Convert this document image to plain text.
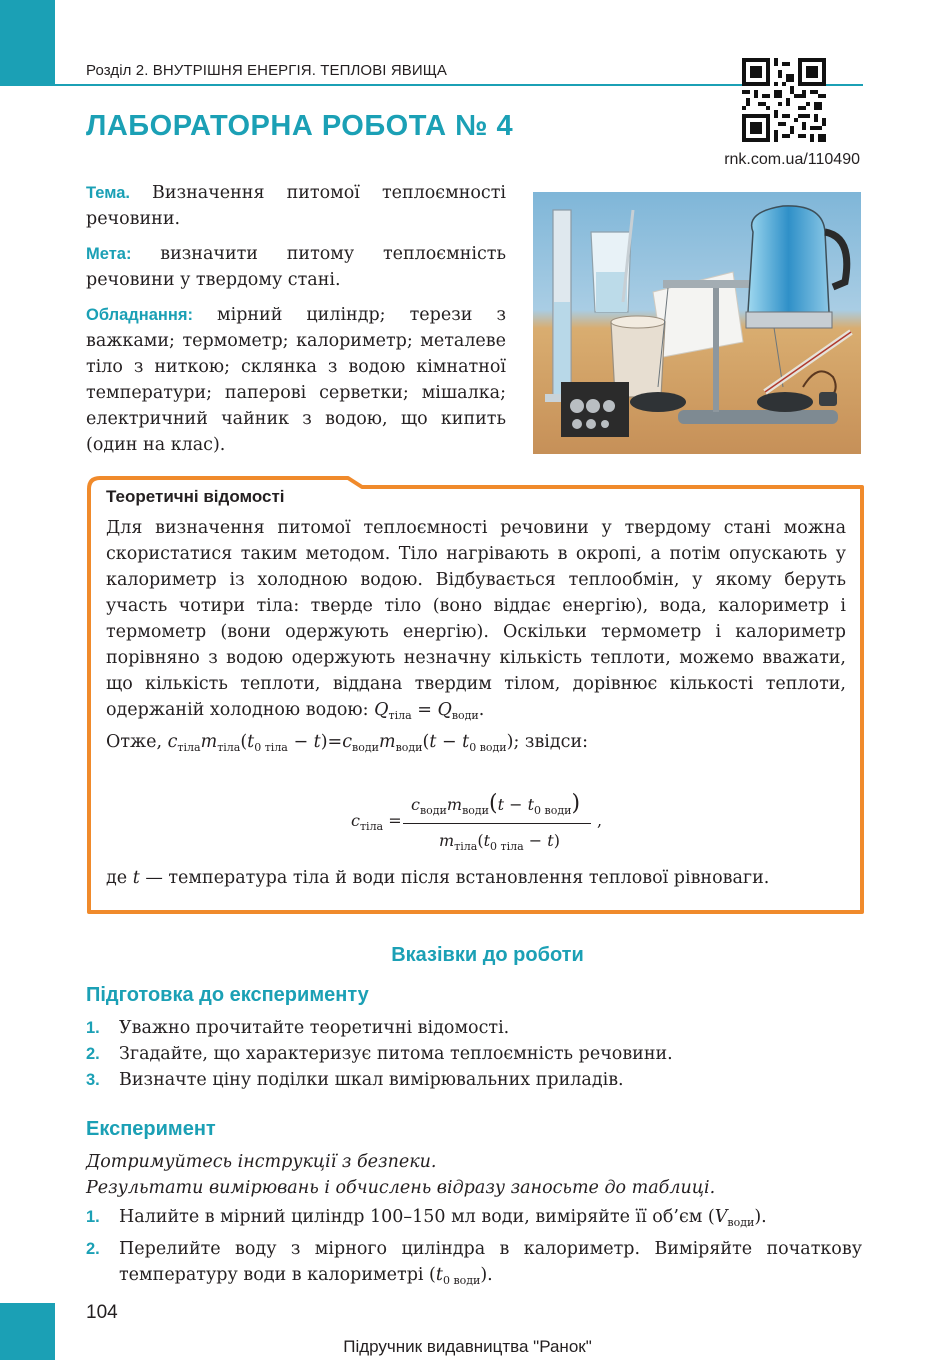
Розділ 2. ВНУТРІШНЯ ЕНЕРГІЯ. ТЕПЛОВІ ЯВИЩА
rnk.com.ua/110490
ЛАБОРАТОРНА РОБОТА № 4

Тема. Визначення питомої теплоємності речовини.

Мета: визначити питому теплоємність речовини у твердому стані.

Обладнання: мірний циліндр; терези з важками; термометр; калориметр; металеве тіло з ниткою; склянка з водою кімнатної температури; паперові серветки; мішалка; електричний чайник з водою, що кипить (один на клас).

Теоретичні відомості
Для визначення питомої теплоємності речовини у твердому стані можна скористатися таким методом. Тіло нагрівають в окропі, а потім опускають у калориметр із холодною водою. Відбувається теплообмін, у якому беруть участь чотири тіла: тверде тіло (воно віддає енергію), вода, калориметр і термометр (вони одержують енергію). Оскільки термометр і калориметр порівняно з водою одержують незначну кількість теплоти, можемо вважати, що кількість теплоти, віддана твердим тілом, дорівнює кількості теплоти, одержаній холодною водою: $Q_{тіла} = Q_{води}$.
Отже, $c_{тіла}m_{тіла}(t_{0 тіла} - t)=c_{води}m_{води}(t - t_{0 води})$; звідси:
$c_{тіла}$ =
$c_{води}m_{води}(t - t_{0 води})$
$m_{тіла}(t_{0 тіла} - t)$
,
де t — температура тіла й води після встановлення теплової рівноваги.
Вказівки до роботи
Підготовка до експерименту
1. Уважно прочитайте теоретичні відомості.
2. Згадайте, що характеризує питома теплоємність речовини.
3. Визначте ціну поділки шкал вимірювальних приладів.
Експеримент
Дотримуйтесь інструкції з безпеки.
Результати вимірювань і обчислень відразу заносьте до таблиці.
1. Налийте в мірний циліндр 100–150 мл води, виміряйте її об’єм $(V_{води})$.
2. Перелийте воду з мірного циліндра в калориметр. Виміряйте початкову температуру води в калориметрі $(t_{0 води})$.
104
Підручник видавництва "Ранок"
